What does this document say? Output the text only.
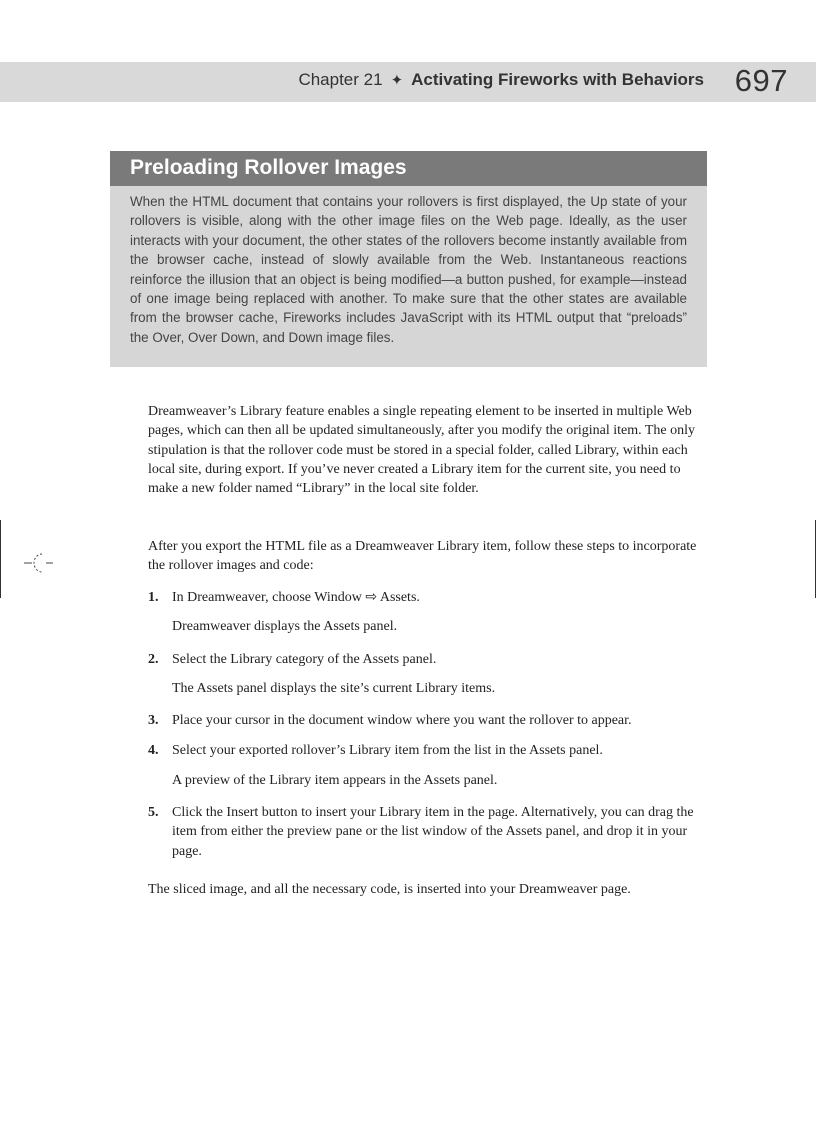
Chapter 21 ✦ Activating Fireworks with Behaviors 697
Preloading Rollover Images

When the HTML document that contains your rollovers is first displayed, the Up state of your rollovers is visible, along with the other image files on the Web page. Ideally, as the user interacts with your document, the other states of the rollovers become instantly available from the browser cache, instead of slowly available from the Web. Instantaneous reactions reinforce the illusion that an object is being modified—a button pushed, for example—instead of one image being replaced with another. To make sure that the other states are available from the browser cache, Fireworks includes JavaScript with its HTML output that “preloads” the Over, Over Down, and Down image files.

Dreamweaver’s Library feature enables a single repeating element to be inserted in multiple Web pages, which can then all be updated simultaneously, after you modify the original item. The only stipulation is that the rollover code must be stored in a special folder, called Library, within each local site, during export. If you’ve never created a Library item for the current site, you need to make a new folder named “Library” in the local site folder.

After you export the HTML file as a Dreamweaver Library item, follow these steps to incorporate the rollover images and code:

1. In Dreamweaver, choose Window ⇨ Assets.
Dreamweaver displays the Assets panel.
2. Select the Library category of the Assets panel.
The Assets panel displays the site’s current Library items.
3. Place your cursor in the document window where you want the rollover to appear.
4. Select your exported rollover’s Library item from the list in the Assets panel.
A preview of the Library item appears in the Assets panel.
5. Click the Insert button to insert your Library item in the page. Alternatively, you can drag the item from either the preview pane or the list window of the Assets panel, and drop it in your page.

The sliced image, and all the necessary code, is inserted into your Dreamweaver page.
